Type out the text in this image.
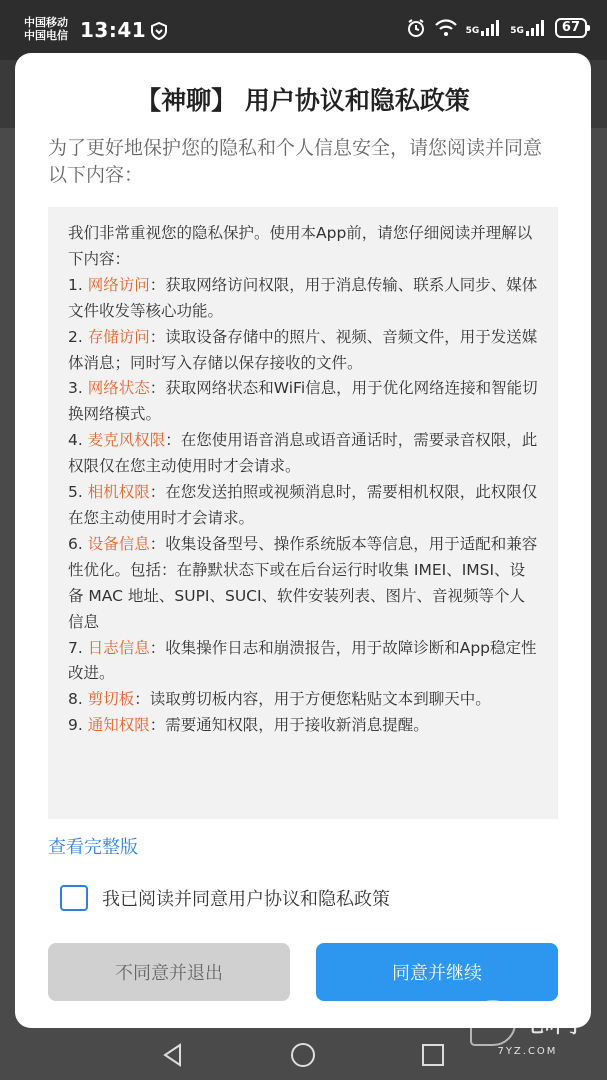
中国移动
中国电信 13:41	5G	5G	67
【神聊】 用户协议和隐私政策
为了更好地保护您的隐私和个人信息安全，请您阅读并同意以下内容：

我们非常重视您的隐私保护。使用本App前，请您仔细阅读并理解以下内容：

1. 网络访问：获取网络访问权限，用于消息传输、联系人同步、媒体文件收发等核心功能。

2. 存储访问：读取设备存储中的照片、视频、音频文件，用于发送媒体消息；同时写入存储以保存接收的文件。

3. 网络状态：获取网络状态和WiFi信息，用于优化网络连接和智能切换网络模式。

4. 麦克风权限：在您使用语音消息或语音通话时，需要录音权限，此权限仅在您主动使用时才会请求。

5. 相机权限：在您发送拍照或视频消息时，需要相机权限，此权限仅在您主动使用时才会请求。

6. 设备信息：收集设备型号、操作系统版本等信息，用于适配和兼容性优化。包括：在静默状态下或在后台运行时收集 IMEI、IMSI、设备 MAC 地址、SUPI、SUCI、软件安装列表、图片、音视频等个人信息

7. 日志信息：收集操作日志和崩溃报告，用于故障诊断和App稳定性改进。

8. 剪切板：读取剪切板内容，用于方便您粘贴文本到聊天中。

9. 通知权限：需要通知权限，用于接收新消息提醒。

查看完整版
我已阅读并同意用户协议和隐私政策
不同意并退出	同意并继续
七叶子
7YZ.COM
